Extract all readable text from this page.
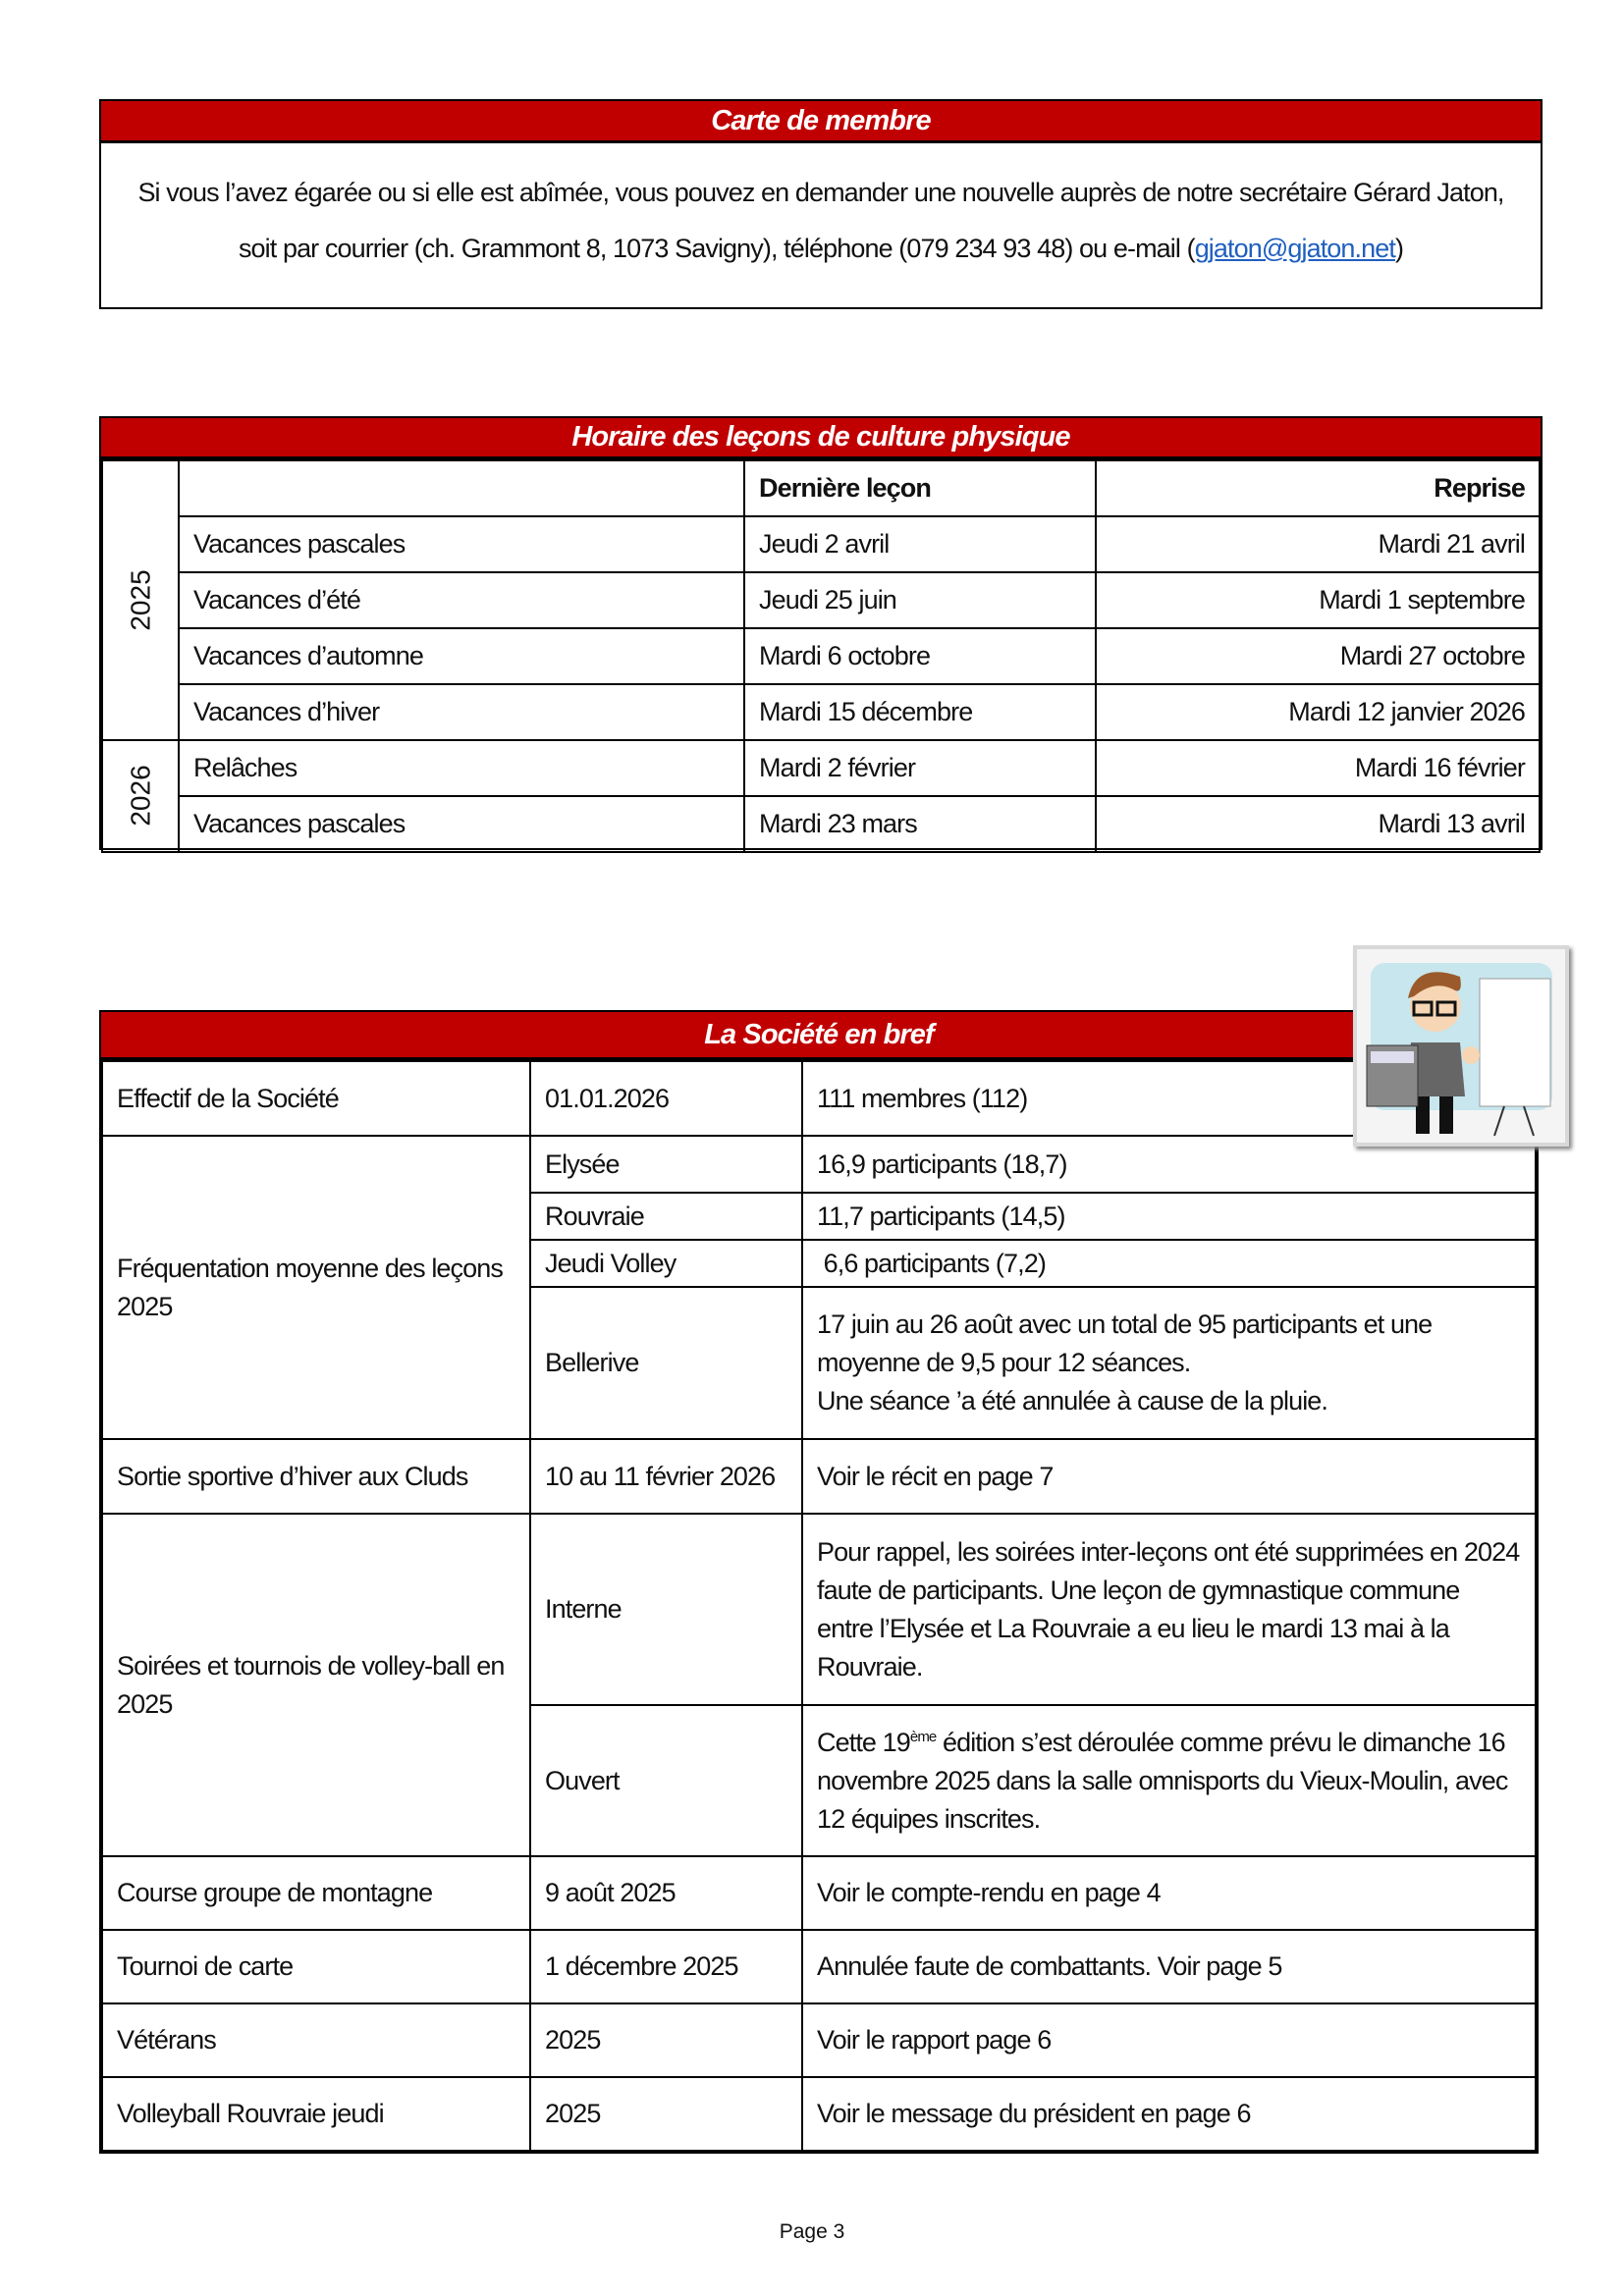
Carte de membre
Si vous l’avez égarée ou si elle est abîmée, vous pouvez en demander une nouvelle auprès de notre secrétaire Gérard Jaton,
soit par courrier (ch. Grammont 8, 1073 Savigny), téléphone (079 234 93 48) ou e-mail (gjaton@gjaton.net)
Horaire des leçons de culture physique
2025		Dernière leçon	Reprise
	Vacances pascales	Jeudi 2 avril	Mardi 21 avril
	Vacances d’été	Jeudi 25 juin	Mardi 1 septembre
	Vacances d’automne	Mardi 6 octobre	Mardi 27 octobre
	Vacances d’hiver	Mardi 15 décembre	Mardi 12 janvier 2026
2026	Relâches	Mardi 2 février	Mardi 16 février
	Vacances pascales	Mardi 23 mars	Mardi 13 avril
La Société en bref
Effectif de la Société	01.01.2026	111 membres (112)
Fréquentation moyenne des leçons 2025	Elysée	16,9 participants (18,7)
	Rouvraie	11,7 participants (14,5)
	Jeudi Volley	6,6 participants (7,2)
	Bellerive	17 juin au 26 août avec un total de 95 participants et une moyenne de 9,5 pour 12 séances.
Une séance ’a été annulée à cause de la pluie.

Sortie sportive d’hiver aux Cluds	10 au 11 février 2026	Voir le récit en page 7
Soirées et tournois de volley-ball en 2025	Interne	Pour rappel, les soirées inter-leçons ont été supprimées en 2024 faute de participants. Une leçon de gymnastique commune entre l’Elysée et La Rouvraie a eu lieu le mardi 13 mai à la Rouvraie.
	Ouvert	Cette 19ème édition s’est déroulée comme prévu le dimanche 16 novembre 2025 dans la salle omnisports du Vieux-Moulin, avec 12 équipes inscrites.
Course groupe de montagne	9 août 2025	Voir le compte-rendu en page 4
Tournoi de carte	1 décembre 2025	Annulée faute de combattants. Voir page 5
Vétérans	2025	Voir le rapport page 6
Volleyball Rouvraie jeudi	2025	Voir le message du président en page 6
Page 3
